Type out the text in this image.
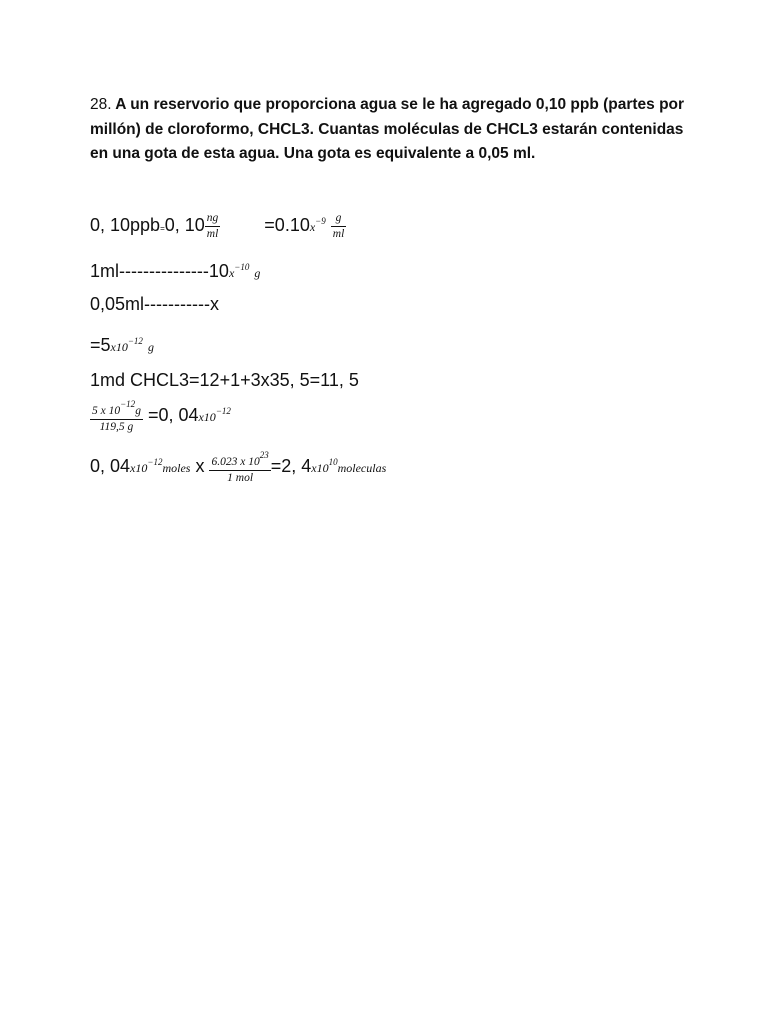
28. A un reservorio que proporciona agua se le ha agregado 0,10 ppb (partes por millón) de cloroformo, CHCL3. Cuantas moléculas de CHCL3 estarán contenidas en una gota de esta agua. Una gota es equivalente a 0,05 ml.
0, 10ppb=0, $10 \frac{ng}{ml} =0.10x^{-9} \frac{g}{ml}$
$1ml---------------10x^{-10}$ g
0,05ml-----------x
$=5x10^{-12}$ g
1md CHCL3=12+1+3x35, 5=11, 5
$\frac{5 x 10^{-12}g}{119,5 g} =0$, $04x10^{-12}$
0, $04x10^{-12}moles$ x $\frac{6.023 x 10^{23}}{\text{1 mol}} =2$, $4x10^{10}moleculas$
